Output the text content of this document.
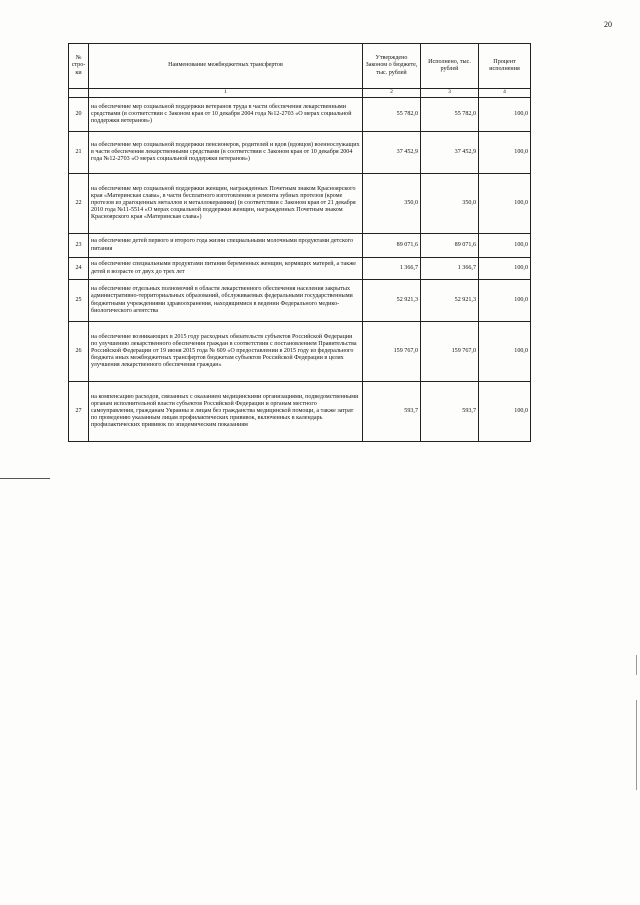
20
№ стро- ки	Наименование межбюджетных трансфертов	Утверждено Законом о бюджете, тыс. рублей	Исполнено, тыс. рублей	Процент исполнения
	1	2	3	4
20	на обеспечение мер социальной поддержки ветеранов труда в части обеспечения лекарственными средствами (в соответствии с Законом края от 10 декабря 2004 года №12-2703 «О мерах социальной поддержки ветеранов»)	55 782,0	55 782,0	100,0
21	на обеспечение мер социальной поддержки пенсионеров, родителей и вдов (вдовцов) военнослужащих в части обеспечения лекарственными средствами (в соответствии с Законом края от 10 декабря 2004 года №12-2703 «О мерах социальной поддержки ветеранов»)	37 452,9	37 452,9	100,0
22	на обеспечение мер социальной поддержки женщин, награжденных Почетным знаком Красноярского края «Материнская слава», в части бесплатного изготовления и ремонта зубных протезов (кроме протезов из драгоценных металлов и металлокерамики) (в соответствии с Законом края от 21 декабря 2010 года №11-5514 «О мерах социальной поддержки женщин, награжденных Почетным знаком Красноярского края «Материнская слава»)	350,0	350,0	100,0
23	на обеспечение детей первого и второго года жизни специальными молочными продуктами детского питания	89 071,6	89 071,6	100,0
24	на обеспечение специальными продуктами питания беременных женщин, кормящих матерей, а также детей в возрасте от двух до трех лет	1 366,7	1 366,7	100,0
25	на обеспечение отдельных полномочий в области лекарственного обеспечения населения закрытых административно-территориальных образований, обслуживаемых федеральными государственными бюджетными учреждениями здравоохранения, находящимися в ведении Федерального медико-биологического агентства	52 921,3	52 921,3	100,0
26	на обеспечение возникающих в 2015 году расходных обязательств субъектов Российской Федерации по улучшению лекарственного обеспечения граждан в соответствии с постановлением Правительства Российской Федерации от 19 июня 2015 года № 609 «О предоставлении в 2015 году из федерального бюджета иных межбюджетных трансфертов бюджетам субъектов Российской Федерации в целях улучшения лекарственного обеспечения граждан»	159 767,0	159 767,0	100,0
27	на компенсацию расходов, связанных с оказанием медицинскими организациями, подведомственными органам исполнительной власти субъектов Российской Федерации и органам местного самоуправления, гражданам Украины и лицам без гражданства медицинской помощи, а также затрат по проведению указанным лицам профилактических прививок, включенных в календарь профилактических прививок по эпидемическим показаниям	593,7	593,7	100,0
